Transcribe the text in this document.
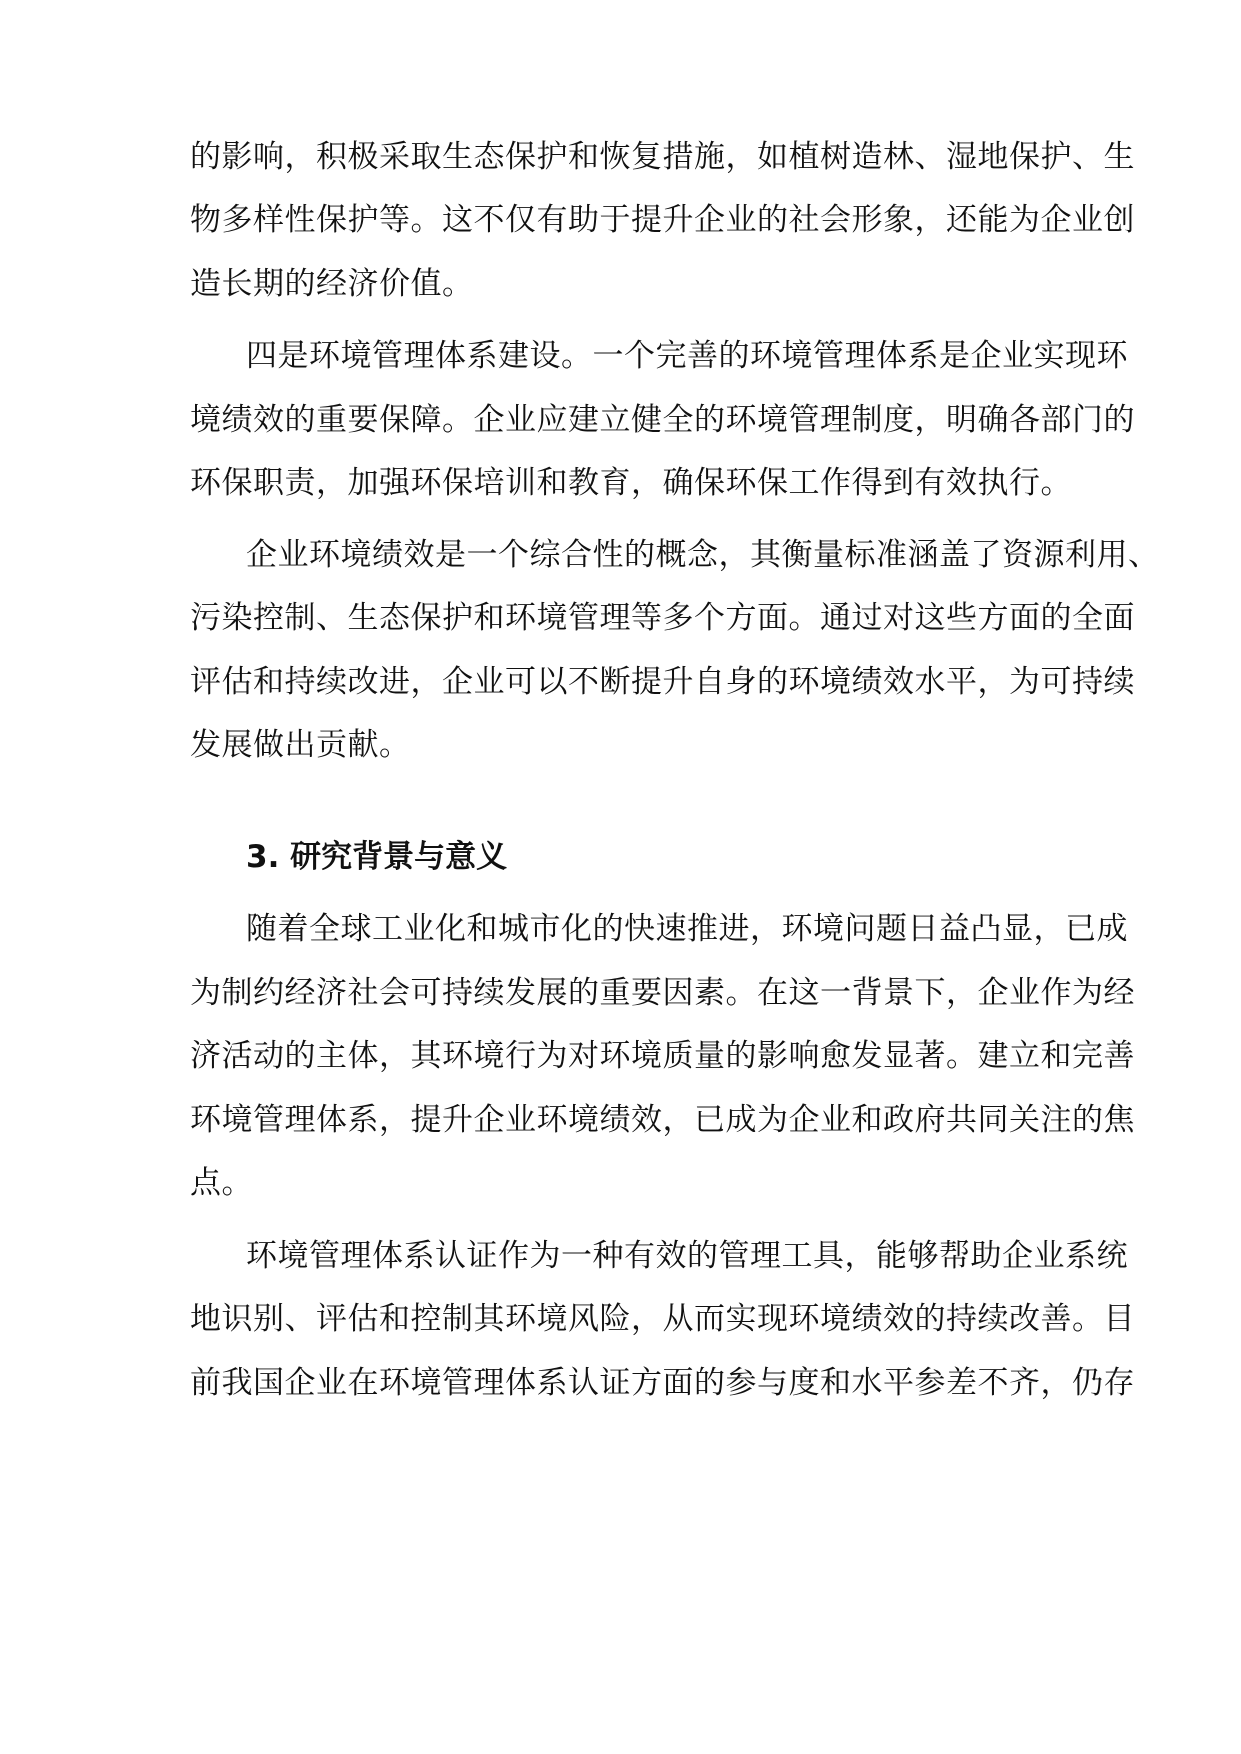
的影响，积极采取生态保护和恢复措施，如植树造林、湿地保护、生
物多样性保护等。这不仅有助于提升企业的社会形象，还能为企业创
造长期的经济价值。
四是环境管理体系建设。一个完善的环境管理体系是企业实现环
境绩效的重要保障。企业应建立健全的环境管理制度，明确各部门的
环保职责，加强环保培训和教育，确保环保工作得到有效执行。
企业环境绩效是一个综合性的概念，其衡量标准涵盖了资源利用、
污染控制、生态保护和环境管理等多个方面。通过对这些方面的全面
评估和持续改进，企业可以不断提升自身的环境绩效水平，为可持续
发展做出贡献。
3. 研究背景与意义
随着全球工业化和城市化的快速推进，环境问题日益凸显，已成
为制约经济社会可持续发展的重要因素。在这一背景下，企业作为经
济活动的主体，其环境行为对环境质量的影响愈发显著。建立和完善
环境管理体系，提升企业环境绩效，已成为企业和政府共同关注的焦
点。
环境管理体系认证作为一种有效的管理工具，能够帮助企业系统
地识别、评估和控制其环境风险，从而实现环境绩效的持续改善。目
前我国企业在环境管理体系认证方面的参与度和水平参差不齐，仍存
